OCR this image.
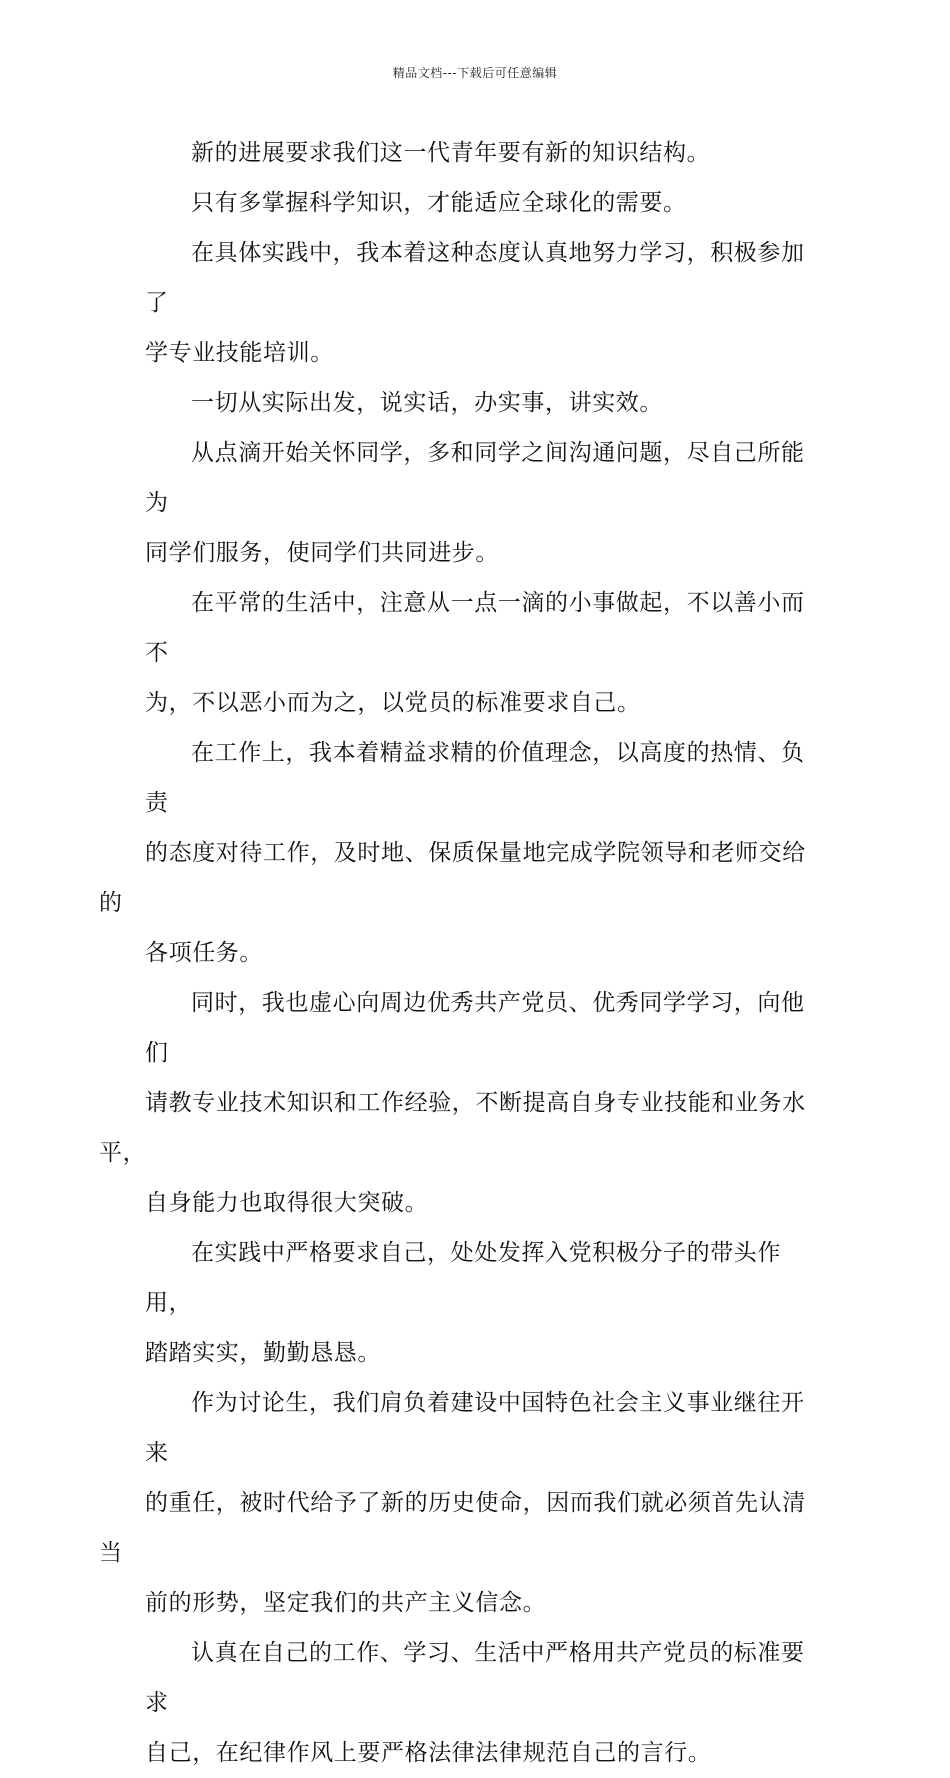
精品文档---下载后可任意编辑

新的进展要求我们这一代青年要有新的知识结构。

只有多掌握科学知识，才能适应全球化的需要。

在具体实践中，我本着这种态度认真地努力学习，积极参加了
学专业技能培训。

一切从实际出发，说实话，办实事，讲实效。

从点滴开始关怀同学，多和同学之间沟通问题，尽自己所能为
同学们服务，使同学们共同进步。

在平常的生活中，注意从一点一滴的小事做起，不以善小而不
为，不以恶小而为之，以党员的标准要求自己。

在工作上，我本着精益求精的价值理念，以高度的热情、负责
的态度对待工作，及时地、保质保量地完成学院领导和老师交给的
各项任务。

同时，我也虚心向周边优秀共产党员、优秀同学学习，向他们
请教专业技术知识和工作经验，不断提高自身专业技能和业务水平，
自身能力也取得很大突破。

在实践中严格要求自己，处处发挥入党积极分子的带头作用，
踏踏实实，勤勤恳恳。

作为讨论生，我们肩负着建设中国特色社会主义事业继往开来
的重任，被时代给予了新的历史使命，因而我们就必须首先认清当
前的形势，坚定我们的共产主义信念。

认真在自己的工作、学习、生活中严格用共产党员的标准要求
自己，在纪律作风上要严格法律法律规范自己的言行。
